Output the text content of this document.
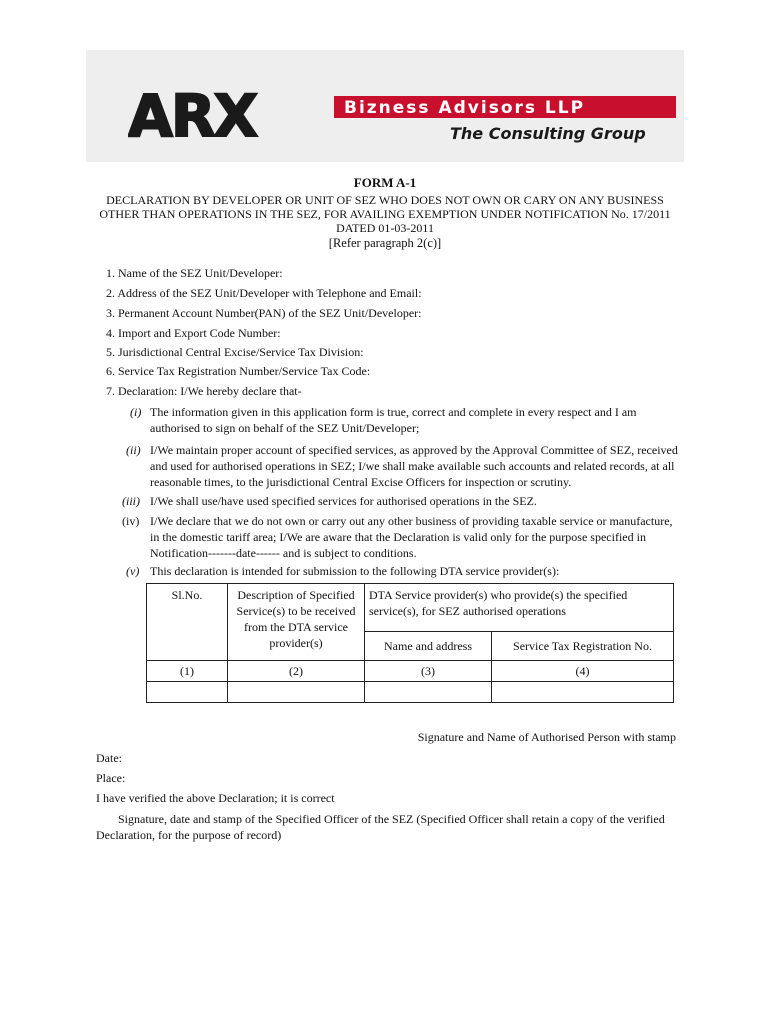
ARX	Bizness Advisors LLP
The Consulting Group
FORM A-1
DECLARATION BY DEVELOPER OR UNIT OF SEZ WHO DOES NOT OWN OR CARY ON ANY BUSINESS
OTHER THAN OPERATIONS IN THE SEZ, FOR AVAILING EXEMPTION UNDER NOTIFICATION No. 17/2011
DATED 01-03-2011
[Refer paragraph 2(c)]
1. Name of the SEZ Unit/Developer:
2. Address of the SEZ Unit/Developer with Telephone and Email:
3. Permanent Account Number(PAN) of the SEZ Unit/Developer:
4. Import and Export Code Number:
5. Jurisdictional Central Excise/Service Tax Division:
6. Service Tax Registration Number/Service Tax Code:
7. Declaration: I/We hereby declare that-
(i) The information given in this application form is true, correct and complete in every respect and I am
authorised to sign on behalf of the SEZ Unit/Developer;
(ii) I/We maintain proper account of specified services, as approved by the Approval Committee of SEZ, received
and used for authorised operations in SEZ; I/we shall make available such accounts and related records, at all
reasonable times, to the jurisdictional Central Excise Officers for inspection or scrutiny.
(iii) I/We shall use/have used specified services for authorised operations in the SEZ.
(iv) I/We declare that we do not own or carry out any other business of providing taxable service or manufacture,
in the domestic tariff area; I/We are aware that the Declaration is valid only for the purpose specified in
Notification-------date------ and is subject to conditions.
(v) This declaration is intended for submission to the following DTA service provider(s):
Sl.No.	Description of Specified Service(s) to be received from the DTA service provider(s)	DTA Service provider(s) who provide(s) the specified service(s), for SEZ authorised operations	
		Name and address	Service Tax Registration No.
(1)	(2)	(3)	(4)

Signature and Name of Authorised Person with stamp
Date:
Place:
I have verified the above Declaration; it is correct
Signature, date and stamp of the Specified Officer of the SEZ (Specified Officer shall retain a copy of the verified
Declaration, for the purpose of record)
